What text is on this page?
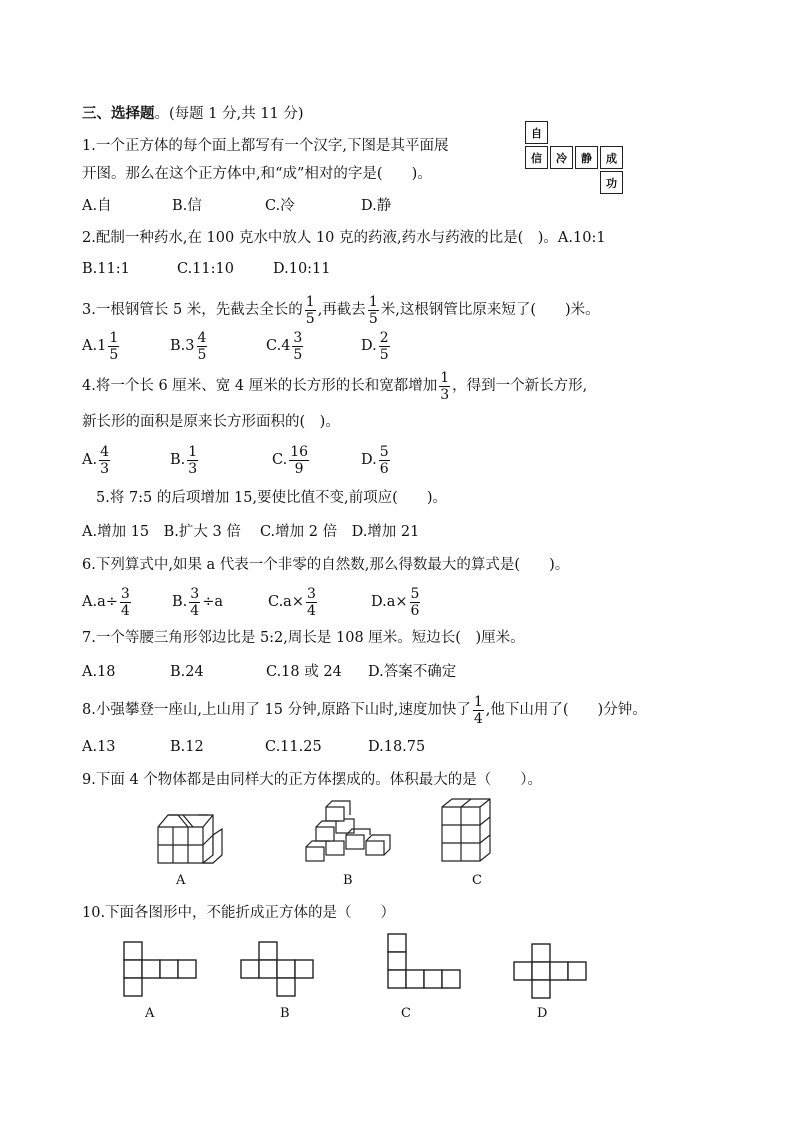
三、选择题。(每题 1 分,共 11 分)
1.一个正方体的每个面上都写有一个汉字,下图是其平面展
开图。那么在这个正方体中,和“成”相对的字是(　　)。
A.自	B.信	C.冷	D.静
自
信	冷	静	成
功
2.配制一种药水,在 100 克水中放人 10 克的药液,药水与药液的比是(　)。A.10:1
B.11:1	C.11:10	D.10:11
3.一根钢管长 5 米，先截去全长的 $\frac{1}{5}$ ,再截去 $\frac{1}{5}$ 米,这根钢管比原来短了(　　)米。
A. $1 \frac{1}{5}$	B. $3 \frac{4}{5}$	C. $4 \frac{3}{5}$	D. $\frac{2}{5}$
4.将一个长 6 厘米、宽 4 厘米的长方形的长和宽都增加 $\frac{1}{3}$ ，得到一个新长方形,
新长形的面积是原来长方形面积的(　)。
A. $\frac{4}{3}$	B. $\frac{1}{3}$	C. $\frac{16}{9}$	D. $\frac{5}{6}$
5.将 7:5 的后项增加 15,要使比值不变,前项应(　　)。
A.增加 15　B.扩大 3 倍　 C.增加 2 倍　D.增加 21
6.下列算式中,如果 a 代表一个非零的自然数,那么得数最大的算式是(　　)。
$A.a\div \frac{3}{4}$	B. $\frac{3}{4} \div a$	$C.a\times \frac{3}{4}$	$D.a\times \frac{5}{6}$
7.一个等腰三角形邻边比是 5:2,周长是 108 厘米。短边长(　)厘米。
A.18	B.24	C.18 或 24 D.答案不确定
8.小强攀登一座山,上山用了 15 分钟,原路下山时,速度加快了 $\frac{1}{4}$ ,他下山用了(　　)分钟。
A.13	B.12	C.11.25	D.18.75
9.下面 4 个物体都是由同样大的正方体摆成的。体积最大的是（　　）。
A	B	C
10.下面各图形中，不能折成正方体的是（　　）
A	B	C	D
